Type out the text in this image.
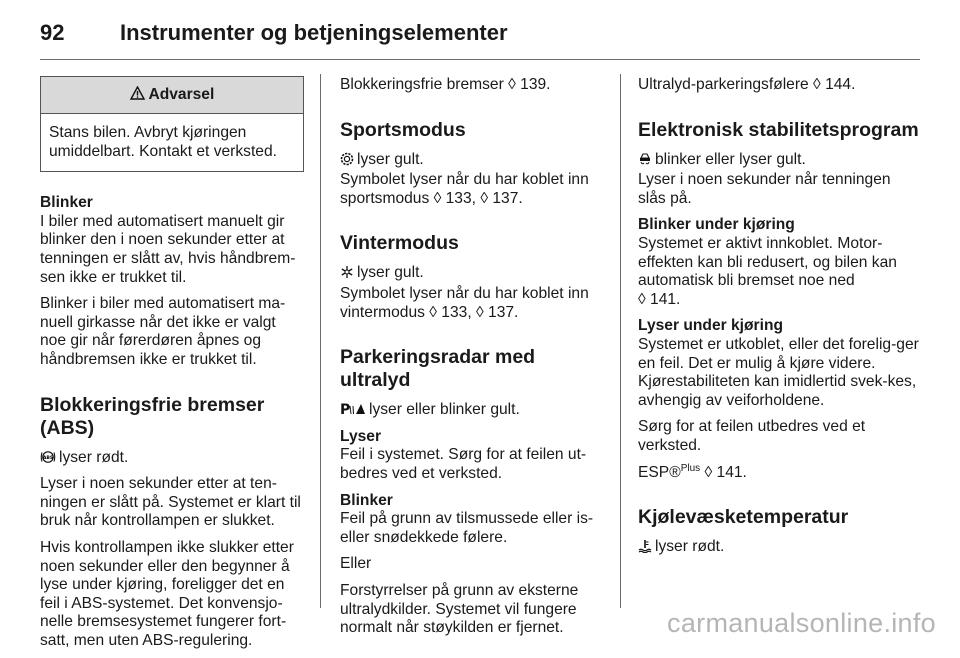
92	Instrumenter og betjeningselementer
Advarsel
Stans bilen. Avbryt kjøringen umiddelbart. Kontakt et verksted.
Blinker

I biler med automatisert manuelt gir blinker den i noen sekunder etter at tenningen er slått av, hvis håndbrem-sen ikke er trukket til.

Blinker i biler med automatisert ma-nuell girkasse når det ikke er valgt noe gir når førerdøren åpnes og håndbremsen ikke er trukket til.

Blokkeringsfrie bremser (ABS)

ABS lyser rødt.

Lyser i noen sekunder etter at ten-ningen er slått på. Systemet er klart til bruk når kontrollampen er slukket.

Hvis kontrollampen ikke slukker etter noen sekunder eller den begynner å lyse under kjøring, foreligger det en feil i ABS-systemet. Det konvensjo-nelle bremsesystemet fungerer fort-satt, men uten ABS-regulering.

Blokkeringsfrie bremser ◊ 139.

Sportsmodus

lyser gult.

Symbolet lyser når du har koblet inn sportsmodus ◊ 133, ◊ 137.

Vintermodus

lyser gult.

Symbolet lyser når du har koblet inn vintermodus ◊ 133, ◊ 137.

Parkeringsradar med ultralyd

P lyser eller blinker gult.

Lyser

Feil i systemet. Sørg for at feilen ut-bedres ved et verksted.

Blinker

Feil på grunn av tilsmussede eller is-eller snødekkede følere.

Eller

Forstyrrelser på grunn av eksterne ultralydkilder. Systemet vil fungere normalt når støykilden er fjernet.

Ultralyd-parkeringsfølere ◊ 144.

Elektronisk stabilitetsprogram

blinker eller lyser gult.

Lyser i noen sekunder når tenningen slås på.

Blinker under kjøring

Systemet er aktivt innkoblet. Motor-effekten kan bli redusert, og bilen kan automatisk bli bremset noe ned
◊ 141.

Lyser under kjøring

Systemet er utkoblet, eller det forelig-ger en feil. Det er mulig å kjøre videre. Kjørestabiliteten kan imidlertid svek-kes, avhengig av veiforholdene.

Sørg for at feilen utbedres ved et verksted.

ESP®$^{Plus}$ ◊ 141.

Kjølevæsketemperatur

lyser rødt.

carmanualsonline.info
